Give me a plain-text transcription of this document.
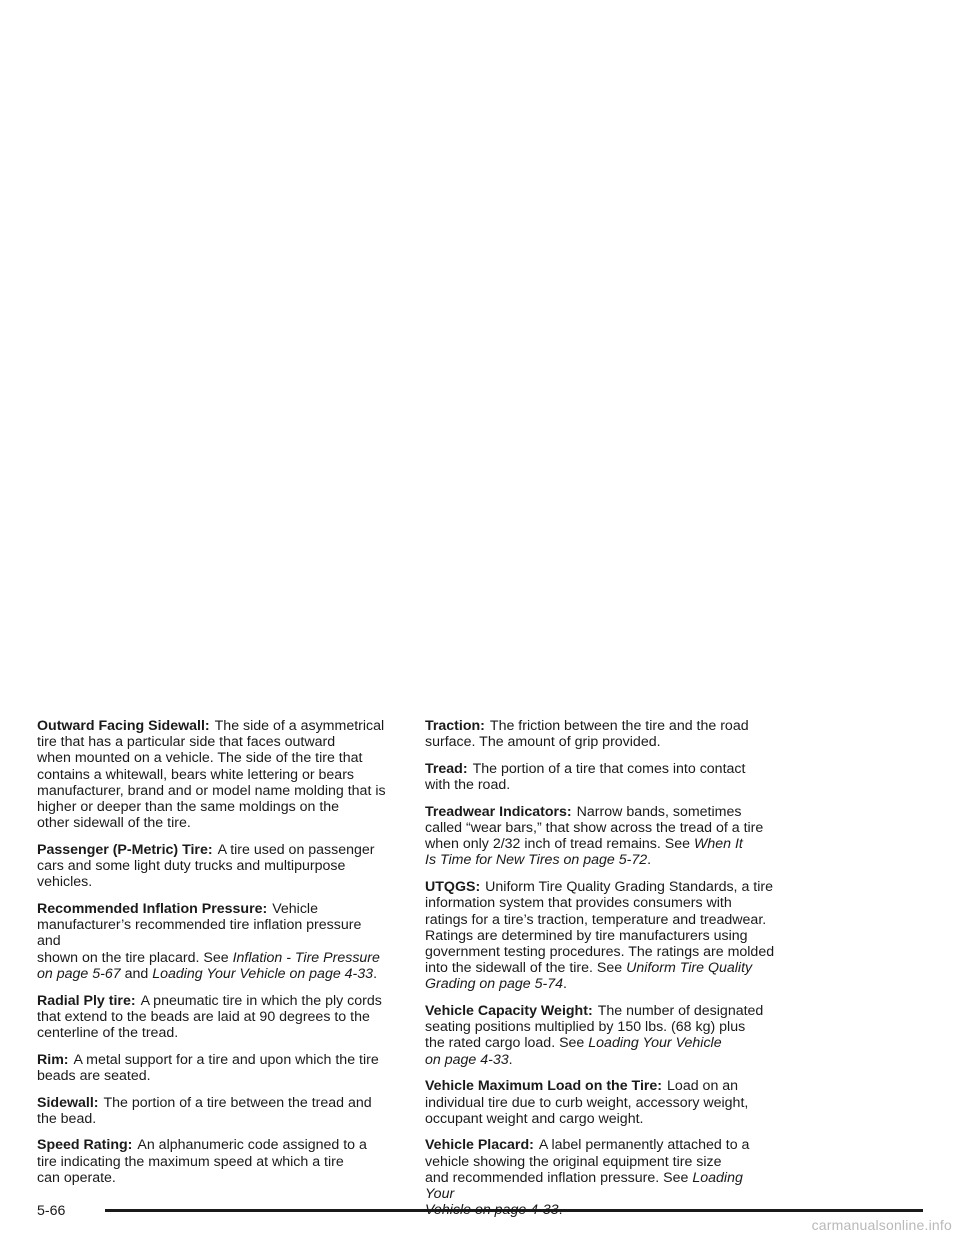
Outward Facing Sidewall: The side of a asymmetrical
tire that has a particular side that faces outward
when mounted on a vehicle. The side of the tire that
contains a whitewall, bears white lettering or bears
manufacturer, brand and or model name molding that is
higher or deeper than the same moldings on the
other sidewall of the tire.

Passenger (P-Metric) Tire: A tire used on passenger
cars and some light duty trucks and multipurpose
vehicles.

Recommended Inflation Pressure: Vehicle
manufacturer’s recommended tire inflation pressure and
shown on the tire placard. See Inflation - Tire Pressure
on page 5-67 and Loading Your Vehicle on page 4-33.

Radial Ply tire: A pneumatic tire in which the ply cords
that extend to the beads are laid at 90 degrees to the
centerline of the tread.

Rim: A metal support for a tire and upon which the tire
beads are seated.

Sidewall: The portion of a tire between the tread and
the bead.

Speed Rating: An alphanumeric code assigned to a
tire indicating the maximum speed at which a tire
can operate.

Traction: The friction between the tire and the road
surface. The amount of grip provided.

Tread: The portion of a tire that comes into contact
with the road.

Treadwear Indicators: Narrow bands, sometimes
called “wear bars,” that show across the tread of a tire
when only 2/32 inch of tread remains. See When It
Is Time for New Tires on page 5-72.

UTQGS: Uniform Tire Quality Grading Standards, a tire
information system that provides consumers with
ratings for a tire’s traction, temperature and treadwear.
Ratings are determined by tire manufacturers using
government testing procedures. The ratings are molded
into the sidewall of the tire. See Uniform Tire Quality
Grading on page 5-74.

Vehicle Capacity Weight: The number of designated
seating positions multiplied by 150 lbs. (68 kg) plus
the rated cargo load. See Loading Your Vehicle
on page 4-33.

Vehicle Maximum Load on the Tire: Load on an
individual tire due to curb weight, accessory weight,
occupant weight and cargo weight.

Vehicle Placard: A label permanently attached to a
vehicle showing the original equipment tire size
and recommended inflation pressure. See Loading Your

5-66
carmanualsonline.info
